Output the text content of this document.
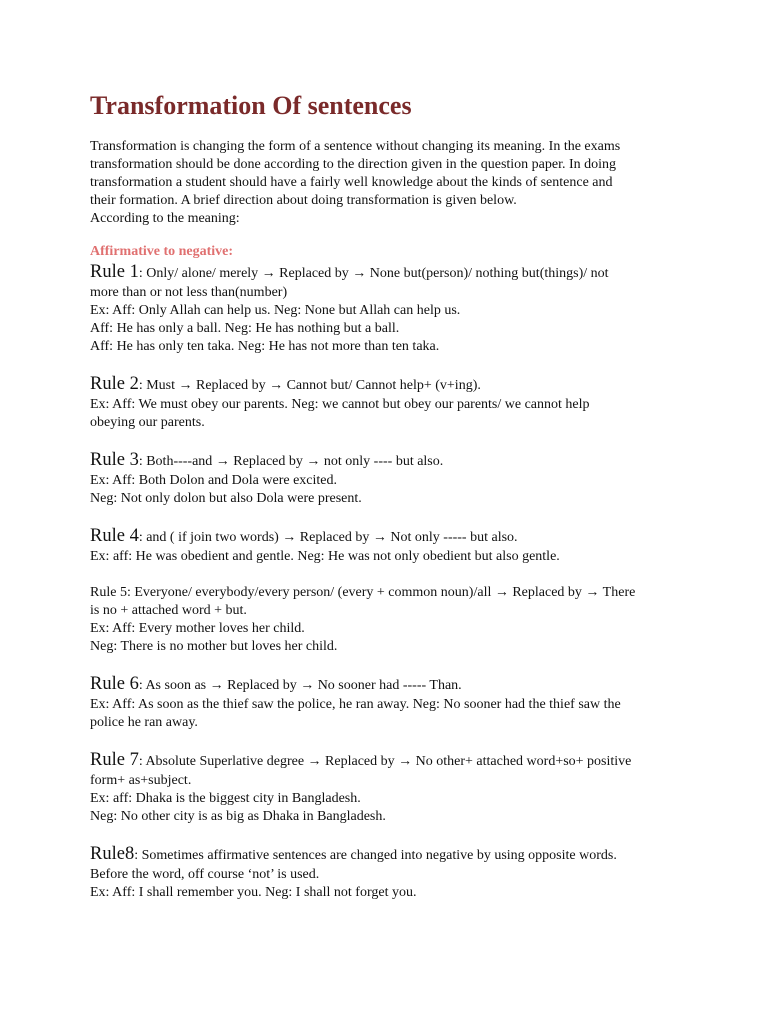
Transformation Of sentences

Transformation is changing the form of a sentence without changing its meaning. In the exams

transformation should be done according to the direction given in the question paper. In doing

transformation a student should have a fairly well knowledge about the kinds of sentence and

their formation. A brief direction about doing transformation is given below.

According to the meaning:

Affirmative to negative:
Rule 1: Only/ alone/ merely → Replaced by → None but(person)/ nothing but(things)/ not

more than or not less than(number)

Ex: Aff: Only Allah can help us. Neg: None but Allah can help us.

Aff: He has only a ball. Neg: He has nothing but a ball.

Aff: He has only ten taka. Neg: He has not more than ten taka.

Rule 2: Must → Replaced by → Cannot but/ Cannot help+ (v+ing).

Ex: Aff: We must obey our parents. Neg: we cannot but obey our parents/ we cannot help

obeying our parents.

Rule 3: Both----and → Replaced by → not only ---- but also.

Ex: Aff: Both Dolon and Dola were excited.

Neg: Not only dolon but also Dola were present.

Rule 4: and ( if join two words) → Replaced by → Not only ----- but also.

Ex: aff: He was obedient and gentle. Neg: He was not only obedient but also gentle.

Rule 5: Everyone/ everybody/every person/ (every + common noun)/all → Replaced by → There

is no + attached word + but.

Ex: Aff: Every mother loves her child.

Neg: There is no mother but loves her child.

Rule 6: As soon as → Replaced by → No sooner had ----- Than.

Ex: Aff: As soon as the thief saw the police, he ran away. Neg: No sooner had the thief saw the

police he ran away.

Rule 7: Absolute Superlative degree → Replaced by → No other+ attached word+so+ positive

form+ as+subject.

Ex: aff: Dhaka is the biggest city in Bangladesh.

Neg: No other city is as big as Dhaka in Bangladesh.

Rule8: Sometimes affirmative sentences are changed into negative by using opposite words.

Before the word, off course ‘not’ is used.

Ex: Aff: I shall remember you. Neg: I shall not forget you.
